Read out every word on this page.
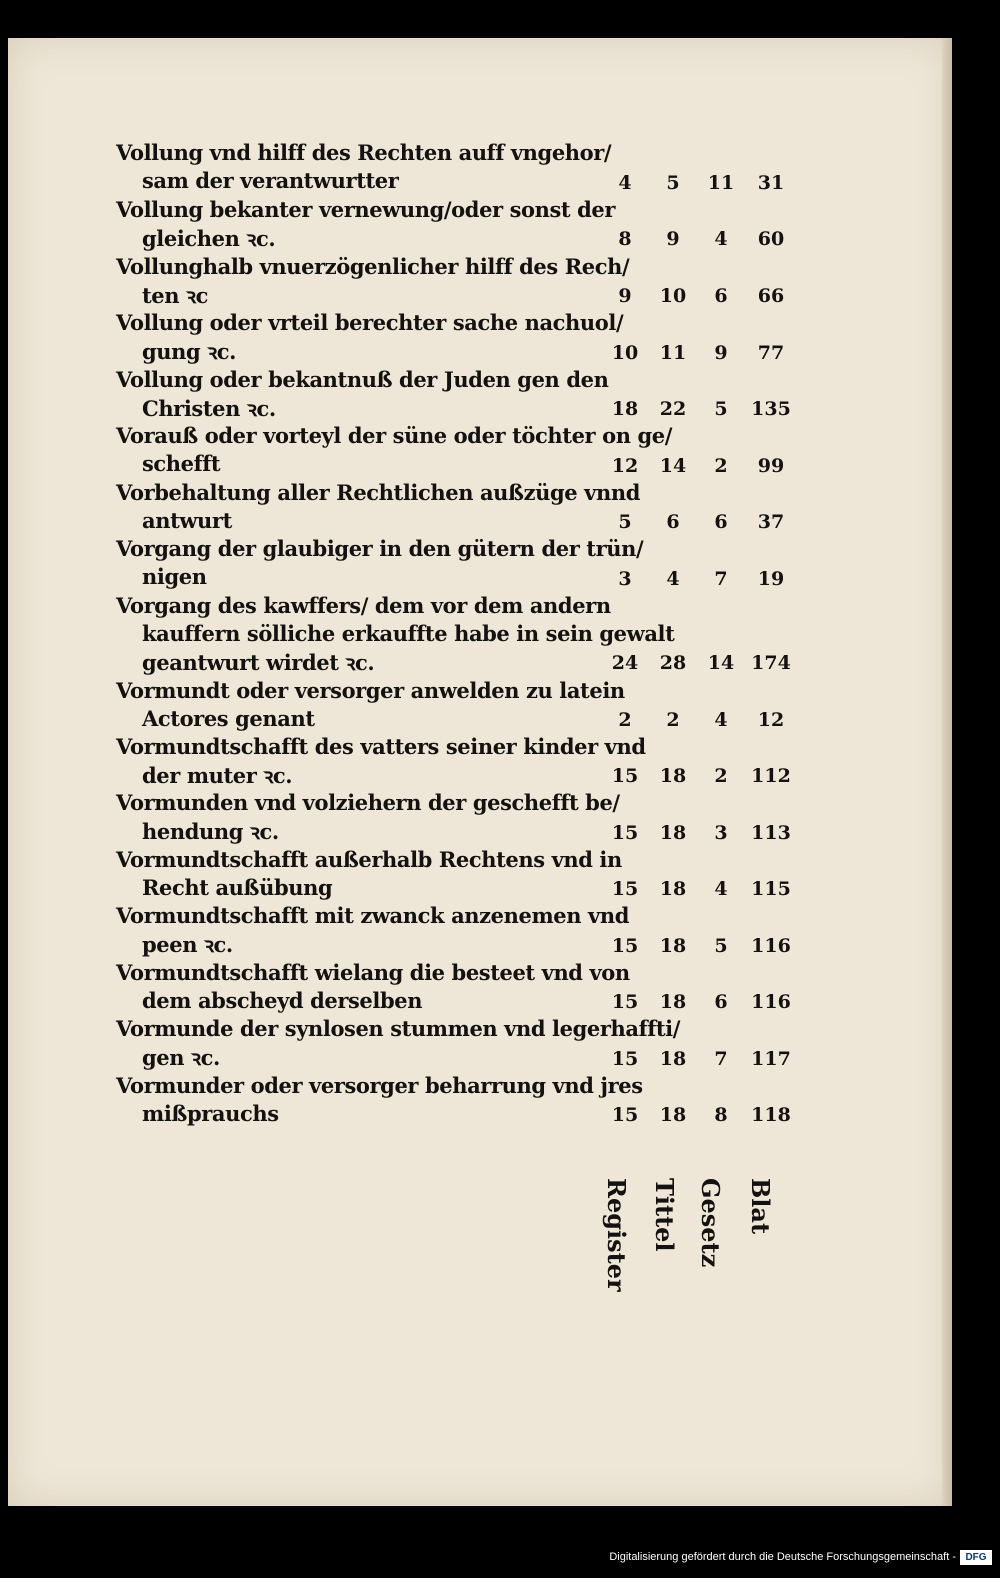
Vollung vnd hilff des Rechten auff vngehor/
sam der verantwurtter	4	5	11	31
Vollung bekanter vernewung/oder sonst der
gleichen ꝛc.	8	9	4	60
Vollunghalb vnuerzögenlicher hilff des Rech/
ten ꝛc	9	10	6	66
Vollung oder vrteil berechter sache nachuol/
gung ꝛc.	10	11	9	77
Vollung oder bekantnuß der Juden gen den
Christen ꝛc.	18	22	5	135
Vorauß oder vorteyl der süne oder töchter on ge/
schefft	12	14	2	99
Vorbehaltung aller Rechtlichen außzüge vnnd
antwurt	5	6	6	37
Vorgang der glaubiger in den gütern der trün/
nigen	3	4	7	19
Vorgang des kawffers/ dem vor dem andern
kauffern sölliche erkauffte habe in sein gewalt
geantwurt wirdet ꝛc.	24	28	14 174
Vormundt oder versorger anwelden zu latein
Actores genant	2	2	4	12
Vormundtschafft des vatters seiner kinder vnd
der muter ꝛc.	15	18	2	112
Vormunden vnd volziehern der geschefft be/
hendung ꝛc.	15	18	3	113
Vormundtschafft außerhalb Rechtens vnd in
Recht außübung	15	18	4	115
Vormundtschafft mit zwanck anzenemen vnd
peen ꝛc.	15	18	5	116
Vormundtschafft wielang die besteet vnd von
dem abscheyd derselben	15	18	6	116
Vormunde der synlosen stummen vnd legerhaffti/
gen ꝛc.	15	18	7	117
Vormunder oder versorger beharrung vnd jres
mißprauchs	15	18	8	118
Register Tittel Gesetz Blat
Digitalisierung gefördert durch die Deutsche Forschungsgemeinschaft - DFG
